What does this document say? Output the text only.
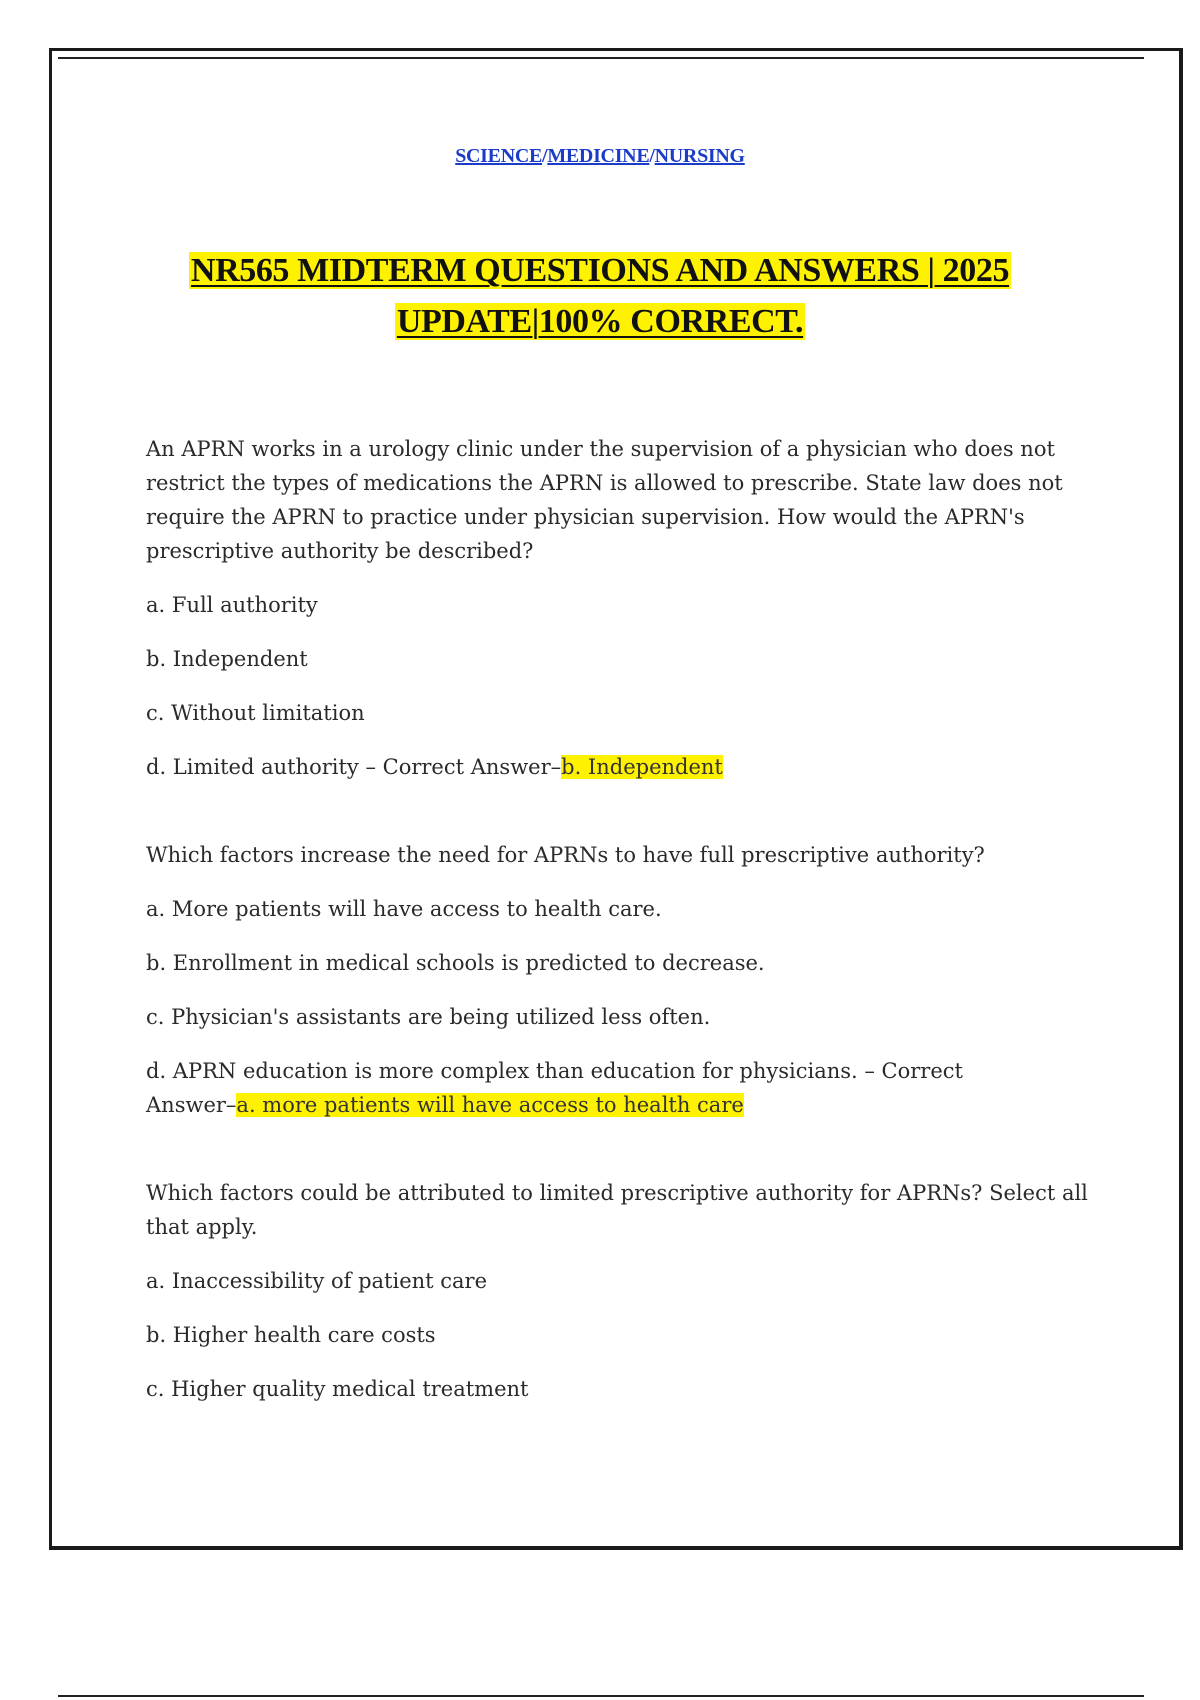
SCIENCE/MEDICINE/NURSING
NR565 MIDTERM QUESTIONS AND ANSWERS | 2025
UPDATE|100% CORRECT.

An APRN works in a urology clinic under the supervision of a physician who does not restrict the types of medications the APRN is allowed to prescribe. State law does not require the APRN to practice under physician supervision. How would the APRN's prescriptive authority be described?

a. Full authority

b. Independent

c. Without limitation

d. Limited authority – Correct Answer–b. Independent

Which factors increase the need for APRNs to have full prescriptive authority?

a. More patients will have access to health care.

b. Enrollment in medical schools is predicted to decrease.

c. Physician's assistants are being utilized less often.

d. APRN education is more complex than education for physicians. – Correct
Answer–a. more patients will have access to health care

Which factors could be attributed to limited prescriptive authority for APRNs? Select all that apply.

a. Inaccessibility of patient care

b. Higher health care costs

c. Higher quality medical treatment
